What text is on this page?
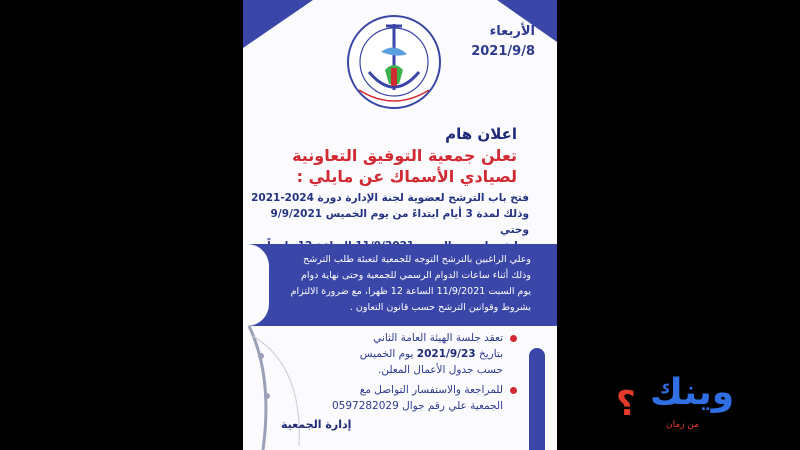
الأربعاء
2021/9/8
اعلان هام
تعلن جمعية التوفيق التعاونية
لصيادي الأسماك عن مايلي :
فتح باب الترشح لعضوية لجنة الإدارة دورة 2024-2021
وذلك لمدة 3 أيام ابتداءً من يوم الخميس 9/9/2021 وحتي
وعلي الراغبين بالترشح التوجه للجمعية لتعبئة طلب الترشح
وذلك أثناء ساعات الدوام الرسمي للجمعية وحتى نهاية دوام
يوم السبت 11/9/2021 الساعة 12 ظهرا، مع ضرورة الالتزام
بشروط وقوانين الترشح حسب قانون التعاون .
تعقد جلسة الهيئة العامة الثاني
بتاريخ 2021/9/23 يوم الخميس
حسب جدول الأعمال المعلن.
للمراجعة والاستفسار التواصل مع
الجمعية علي رقم جوال 0597282029
إدارة الجمعية
وينك
؟
من زمان
